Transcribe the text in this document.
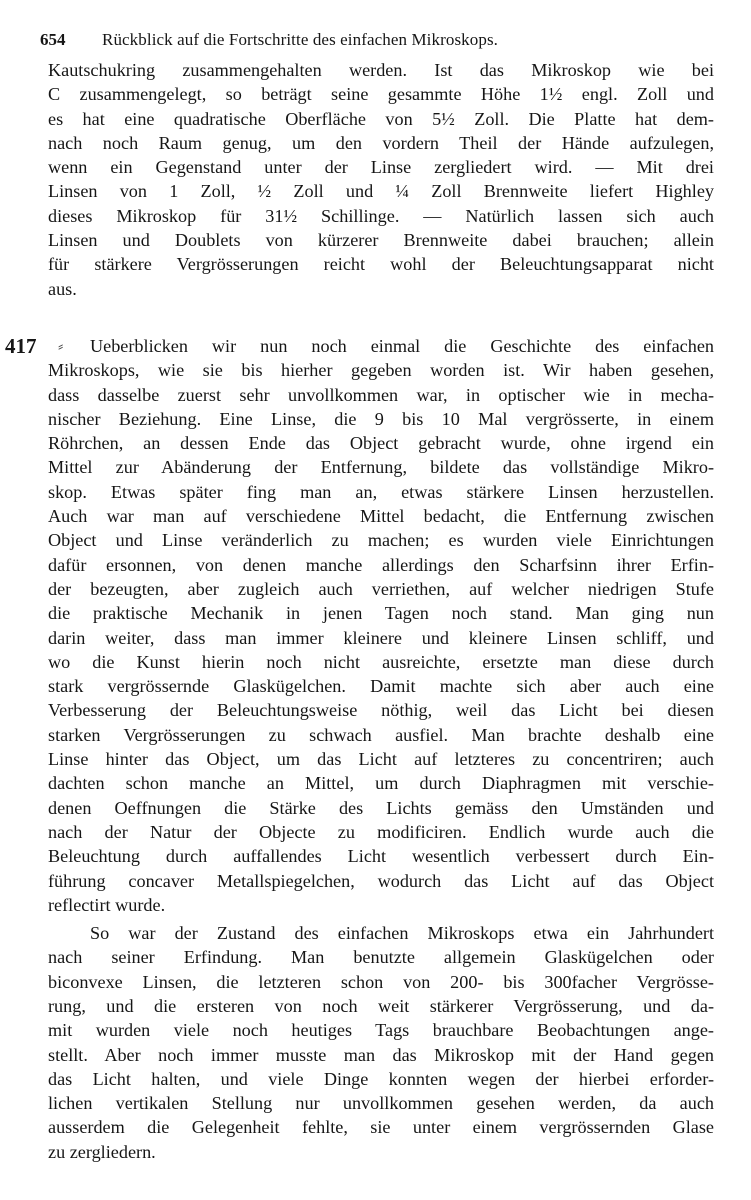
654	Rückblick auf die Fortschritte des einfachen Mikroskops.

Kautschukring zusammengehalten werden. Ist das Mikroskop wie bei
C zusammengelegt, so beträgt seine gesammte Höhe 1½ engl. Zoll und
es hat eine quadratische Oberfläche von 5½ Zoll. Die Platte hat dem-
nach noch Raum genug, um den vordern Theil der Hände aufzulegen,
wenn ein Gegenstand unter der Linse zergliedert wird. — Mit drei
Linsen von 1 Zoll, ½ Zoll und ¼ Zoll Brennweite liefert Highley
dieses Mikroskop für 31½ Schillinge. — Natürlich lassen sich auch
Linsen und Doublets von kürzerer Brennweite dabei brauchen; allein
für stärkere Vergrösserungen reicht wohl der Beleuchtungsapparat nicht
aus.

417 ⸗	Ueberblicken wir nun noch einmal die Geschichte des einfachen
Mikroskops, wie sie bis hierher gegeben worden ist. Wir haben gesehen,
dass dasselbe zuerst sehr unvollkommen war, in optischer wie in mecha-
nischer Beziehung. Eine Linse, die 9 bis 10 Mal vergrösserte, in einem
Röhrchen, an dessen Ende das Object gebracht wurde, ohne irgend ein
Mittel zur Abänderung der Entfernung, bildete das vollständige Mikro-
skop. Etwas später fing man an, etwas stärkere Linsen herzustellen.
Auch war man auf verschiedene Mittel bedacht, die Entfernung zwischen
Object und Linse veränderlich zu machen; es wurden viele Einrichtungen
dafür ersonnen, von denen manche allerdings den Scharfsinn ihrer Erfin-
der bezeugten, aber zugleich auch verriethen, auf welcher niedrigen Stufe
die praktische Mechanik in jenen Tagen noch stand. Man ging nun
darin weiter, dass man immer kleinere und kleinere Linsen schliff, und
wo die Kunst hierin noch nicht ausreichte, ersetzte man diese durch
stark vergrössernde Glaskügelchen. Damit machte sich aber auch eine
Verbesserung der Beleuchtungsweise nöthig, weil das Licht bei diesen
starken Vergrösserungen zu schwach ausfiel. Man brachte deshalb eine
Linse hinter das Object, um das Licht auf letzteres zu concentriren; auch
dachten schon manche an Mittel, um durch Diaphragmen mit verschie-
denen Oeffnungen die Stärke des Lichts gemäss den Umständen und
nach der Natur der Objecte zu modificiren. Endlich wurde auch die
Beleuchtung durch auffallendes Licht wesentlich verbessert durch Ein-
führung concaver Metallspiegelchen, wodurch das Licht auf das Object
reflectirt wurde.

So war der Zustand des einfachen Mikroskops etwa ein Jahrhundert
nach seiner Erfindung. Man benutzte allgemein Glaskügelchen oder
biconvexe Linsen, die letzteren schon von 200- bis 300facher Vergrösse-
rung, und die ersteren von noch weit stärkerer Vergrösserung, und da-
mit wurden viele noch heutiges Tags brauchbare Beobachtungen ange-
stellt. Aber noch immer musste man das Mikroskop mit der Hand gegen
das Licht halten, und viele Dinge konnten wegen der hierbei erforder-
lichen vertikalen Stellung nur unvollkommen gesehen werden, da auch
ausserdem die Gelegenheit fehlte, sie unter einem vergrössernden Glase
zu zergliedern.
